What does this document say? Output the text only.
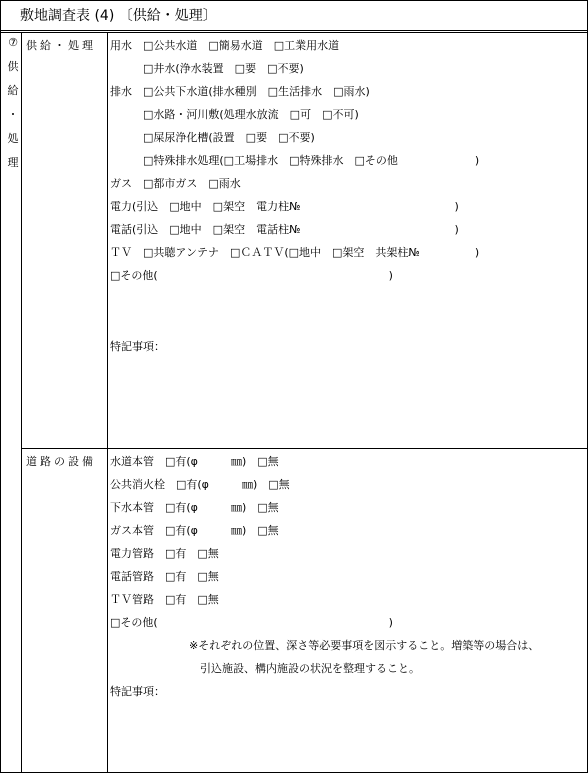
敷地調査表 (4) 〔供給・処理〕
⑦
供
給
・
処
理
供給・処理 用水　□公共水道　□簡易水道　□工業用水道
　　　□井水(浄水装置　□要　□不要)
排水　□公共下水道(排水種別　□生活排水　□雨水)
　　　□水路・河川敷(処理水放流　□可　□不可)
　　　□屎尿浄化槽(設置　□要　□不要)
　　　□特殊排水処理(□工場排水　□特殊排水　□その他　　　　　　　)
ガス　□都市ガス　□雨水
電力(引込　□地中　□架空　電力柱№　　　　　　　　　　　　　　)
電話(引込　□地中　□架空　電話柱№　　　　　　　　　　　　　　)
ＴＶ　□共聴アンテナ　□ＣＡＴＶ(□地中　□架空　共架柱№　　　　　)
□その他(　　　　　　　　　　　　　　　　　　　　　)
特記事項：
道路の設備 水道本管　□有(φ　　　㎜)　□無
公共消火栓　□有(φ　　　㎜)　□無
下水本管　□有(φ　　　㎜)　□無
ガス本管　□有(φ　　　㎜)　□無
電力管路　□有　□無
電話管路　□有　□無
ＴＶ管路　□有　□無
□その他(　　　　　　　　　　　　　　　　　　　　　)
※それぞれの位置、深さ等必要事項を図示すること。増築等の場合は、
引込施設、構内施設の状況を整理すること。
特記事項：
